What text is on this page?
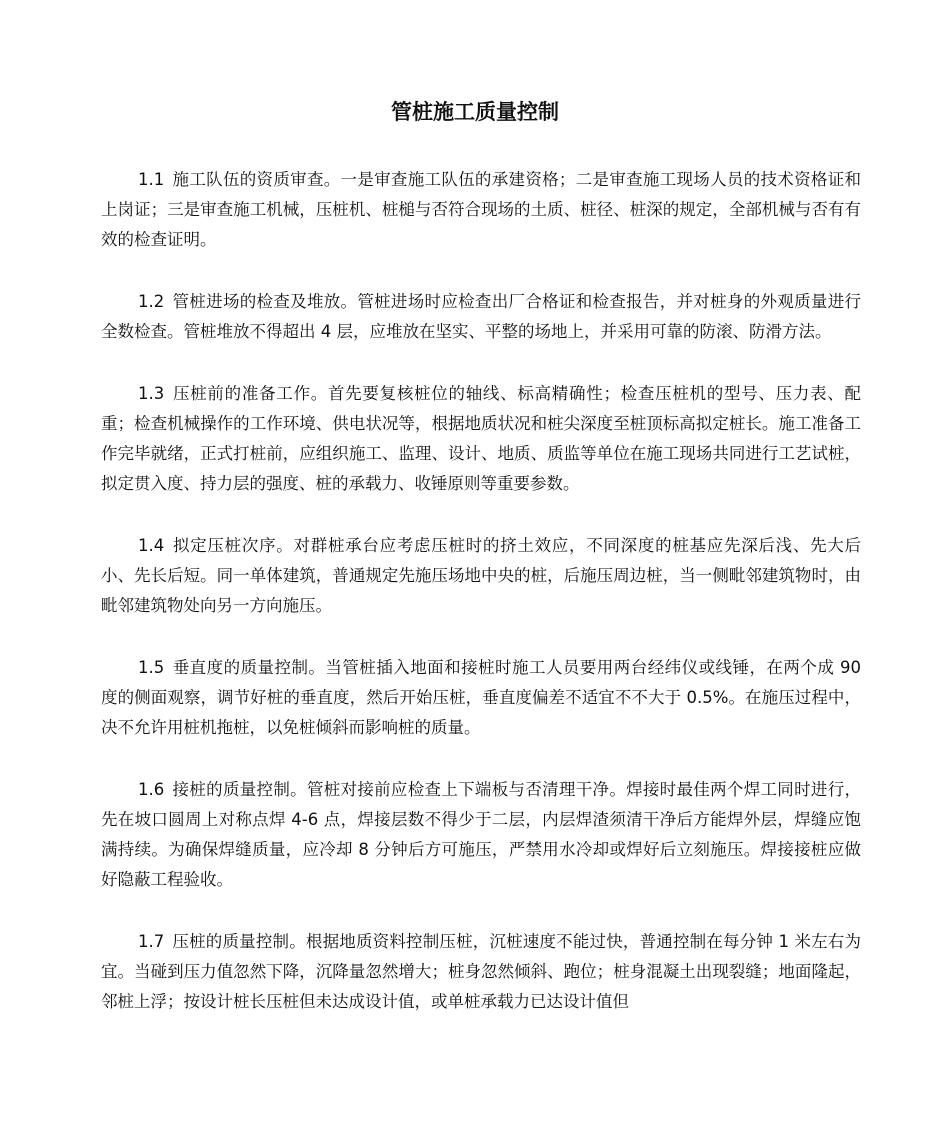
管桩施工质量控制

1.1 施工队伍的资质审查。一是审查施工队伍的承建资格；二是审查施工现场人员的技术资格证和上岗证；三是审查施工机械，压桩机、桩槌与否符合现场的土质、桩径、桩深的规定，全部机械与否有有效的检查证明。

1.2 管桩进场的检查及堆放。管桩进场时应检查出厂合格证和检查报告，并对桩身的外观质量进行全数检查。管桩堆放不得超出 4 层，应堆放在坚实、平整的场地上，并采用可靠的防滚、防滑方法。

1.3 压桩前的准备工作。首先要复核桩位的轴线、标高精确性；检查压桩机的型号、压力表、配重；检查机械操作的工作环境、供电状况等，根据地质状况和桩尖深度至桩顶标高拟定桩长。施工准备工作完毕就绪，正式打桩前，应组织施工、监理、设计、地质、质监等单位在施工现场共同进行工艺试桩，拟定贯入度、持力层的强度、桩的承载力、收锤原则等重要参数。

1.4 拟定压桩次序。对群桩承台应考虑压桩时的挤土效应，不同深度的桩基应先深后浅、先大后小、先长后短。同一单体建筑，普通规定先施压场地中央的桩，后施压周边桩，当一侧毗邻建筑物时，由毗邻建筑物处向另一方向施压。

1.5 垂直度的质量控制。当管桩插入地面和接桩时施工人员要用两台经纬仪或线锤，在两个成 90 度的侧面观察，调节好桩的垂直度，然后开始压桩，垂直度偏差不适宜不不大于 0.5%。在施压过程中，决不允许用桩机拖桩，以免桩倾斜而影响桩的质量。

1.6 接桩的质量控制。管桩对接前应检查上下端板与否清理干净。焊接时最佳两个焊工同时进行，先在坡口圆周上对称点焊 4-6 点，焊接层数不得少于二层，内层焊渣须清干净后方能焊外层，焊缝应饱满持续。为确保焊缝质量，应冷却 8 分钟后方可施压，严禁用水冷却或焊好后立刻施压。焊接接桩应做好隐蔽工程验收。

1.7 压桩的质量控制。根据地质资料控制压桩，沉桩速度不能过快，普通控制在每分钟 1 米左右为宜。当碰到压力值忽然下降，沉降量忽然增大；桩身忽然倾斜、跑位；桩身混凝土出现裂缝；地面隆起，邻桩上浮；按设计桩长压桩但未达成设计值，或单桩承载力已达设计值但
